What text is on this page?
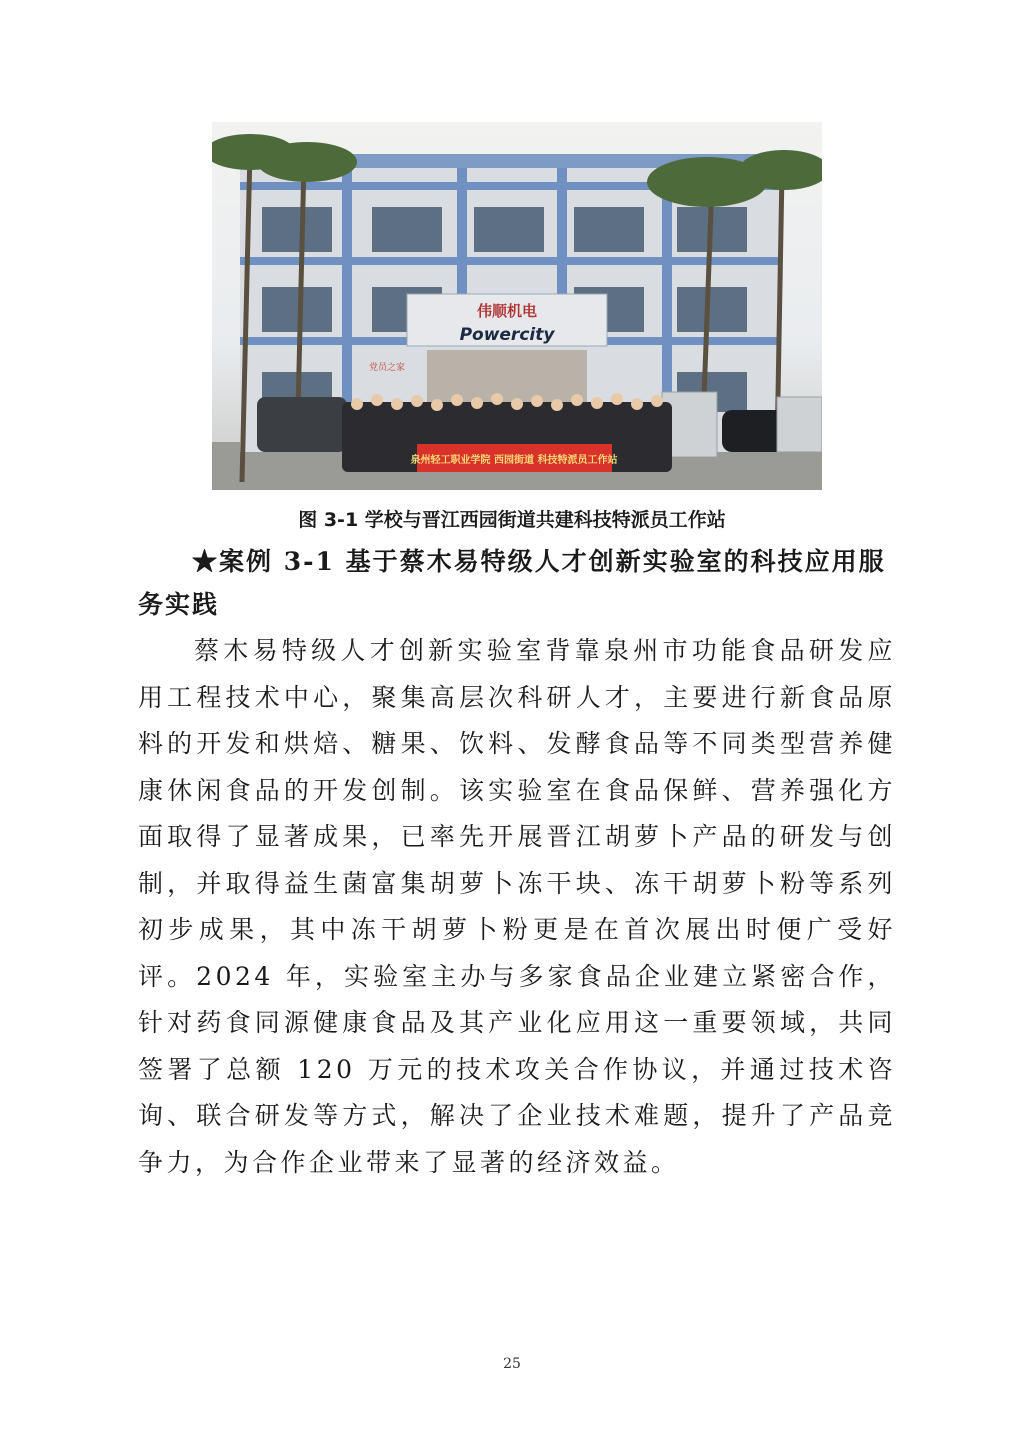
伟顺机电
Powercity
党员之家
泉州轻工职业学院 西园街道 科技特派员工作站
图 3-1 学校与晋江西园街道共建科技特派员工作站
★案例 3-1 基于蔡木易特级人才创新实验室的科技应用服务实践
蔡木易特级人才创新实验室背靠泉州市功能食品研发应用工程技术中心，聚集高层次科研人才，主要进行新食品原料的开发和烘焙、糖果、饮料、发酵食品等不同类型营养健康休闲食品的开发创制。该实验室在食品保鲜、营养强化方面取得了显著成果，已率先开展晋江胡萝卜产品的研发与创制，并取得益生菌富集胡萝卜冻干块、冻干胡萝卜粉等系列初步成果，其中冻干胡萝卜粉更是在首次展出时便广受好评。2024 年，实验室主办与多家食品企业建立紧密合作，针对药食同源健康食品及其产业化应用这一重要领域，共同签署了总额 120 万元的技术攻关合作协议，并通过技术咨询、联合研发等方式，解决了企业技术难题，提升了产品竞争力，为合作企业带来了显著的经济效益。
25
